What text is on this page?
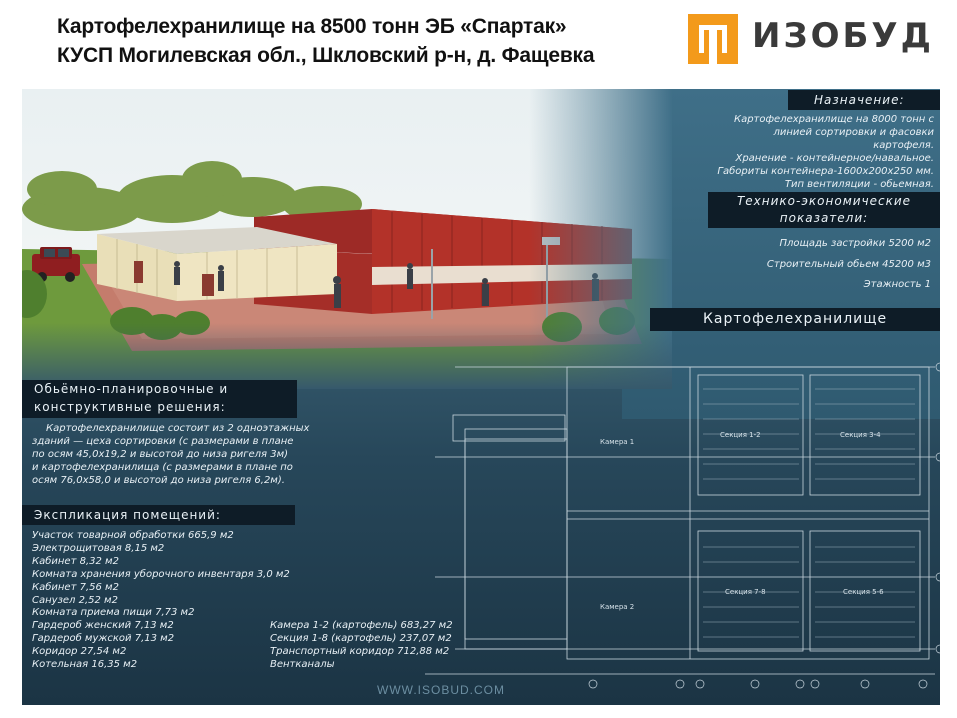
Картофелехранилище на 8500 тонн ЭБ «Спартак»
КУСП Могилевская обл., Шкловский р-н, д. Фащевка	ИЗОБУД
Назначение:
Картофелехранилище на 8000 тонн с
линией сортировки и фасовки
картофеля.
Хранение - контейнерное/навальное.
Габориты контейнера-1600х200х250 мм.
Тип вентиляции - обьемная.
Технико-экономические
показатели:
Площадь застройки 5200 м2
Строительный обьем 45200 м3
Этажность 1
Картофелехранилище
Камера 1
Камера 2
Секция 1-2	Секция 3-4
Секция 7-8	Секция 5-6
Обьёмно-планировочные и
конструктивные решения:
Картофелехранилище состоит из 2 одноэтажных
зданий — цеха сортировки (с размерами в плане
по осям 45,0х19,2 и высотой до низа ригеля 3м)
и картофелехранилища (с размерами в плане по
осям 76,0х58,0 и высотой до низа ригеля 6,2м).
Экспликация помещений:
Участок товарной обработки 665,9 м2
Электрощитовая 8,15 м2
Кабинет 8,32 м2
Комната хранения уборочного инвентаря 3,0 м2
Кабинет 7,56 м2
Санузел 2,52 м2
Комната приема пищи 7,73 м2
Гардероб женский 7,13 м2
Гардероб мужской 7,13 м2
Коридор 27,54 м2
Котельная 16,35 м2
Камера 1-2 (картофель) 683,27 м2
Секция 1-8 (картофель) 237,07 м2
Транспортный коридор 712,88 м2
Вентканалы
WWW.ISOBUD.COM
